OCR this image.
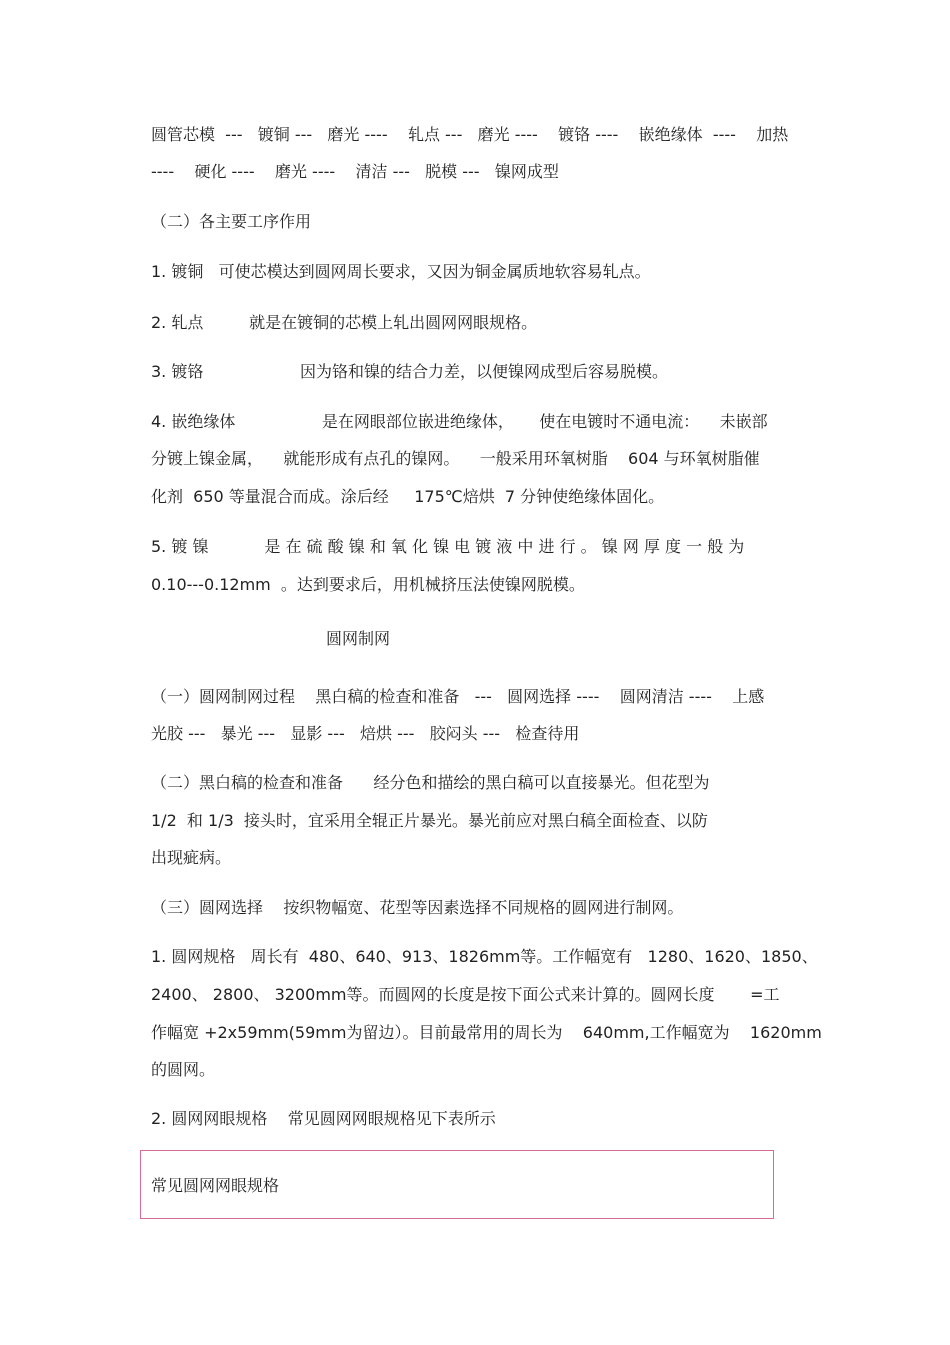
圆管芯模  ---   镀铜 ---   磨光 ----    轧点 ---   磨光 ----    镀铬 ----    嵌绝缘体  ----    加热
----    硬化 ----    磨光 ----    清洁 ---   脱模 ---   镍网成型
（二）各主要工序作用
1. 镀铜   可使芯模达到圆网周长要求，又因为铜金属质地软容易轧点。
2. 轧点         就是在镀铜的芯模上轧出圆网网眼规格。
3. 镀铬                   因为铬和镍的结合力差，以便镍网成型后容易脱模。
4. 嵌绝缘体                 是在网眼部位嵌进绝缘体，     使在电镀时不通电流：    未嵌部
分镀上镍金属，    就能形成有点孔的镍网。    一般采用环氧树脂    604 与环氧树脂催
化剂  650 等量混合而成。涂后经     175℃焙烘  7 分钟使绝缘体固化。
5. 镀 镍           是 在 硫 酸 镍 和 氧 化 镍 电 镀 液 中 进 行 。 镍 网 厚 度 一 般 为
0.10---0.12mm  。达到要求后，用机械挤压法使镍网脱模。
圆网制网
（一）圆网制网过程    黑白稿的检查和准备   ---   圆网选择 ----    圆网清洁 ----    上感
光胶 ---   暴光 ---   显影 ---   焙烘 ---   胶闷头 ---   检查待用
（二）黑白稿的检查和准备      经分色和描绘的黑白稿可以直接暴光。但花型为
1/2  和 1/3  接头时，宜采用全辊正片暴光。暴光前应对黑白稿全面检查、以防
出现疵病。
（三）圆网选择    按织物幅宽、花型等因素选择不同规格的圆网进行制网。
1. 圆网规格   周长有  480、640、913、1826mm等。工作幅宽有   1280、1620、1850、
2400、 2800、 3200mm等。而圆网的长度是按下面公式来计算的。圆网长度       =工
作幅宽 +2x59mm(59mm为留边）。目前最常用的周长为    640mm,工作幅宽为    1620mm
的圆网。
2. 圆网网眼规格    常见圆网网眼规格见下表所示
常见圆网网眼规格
